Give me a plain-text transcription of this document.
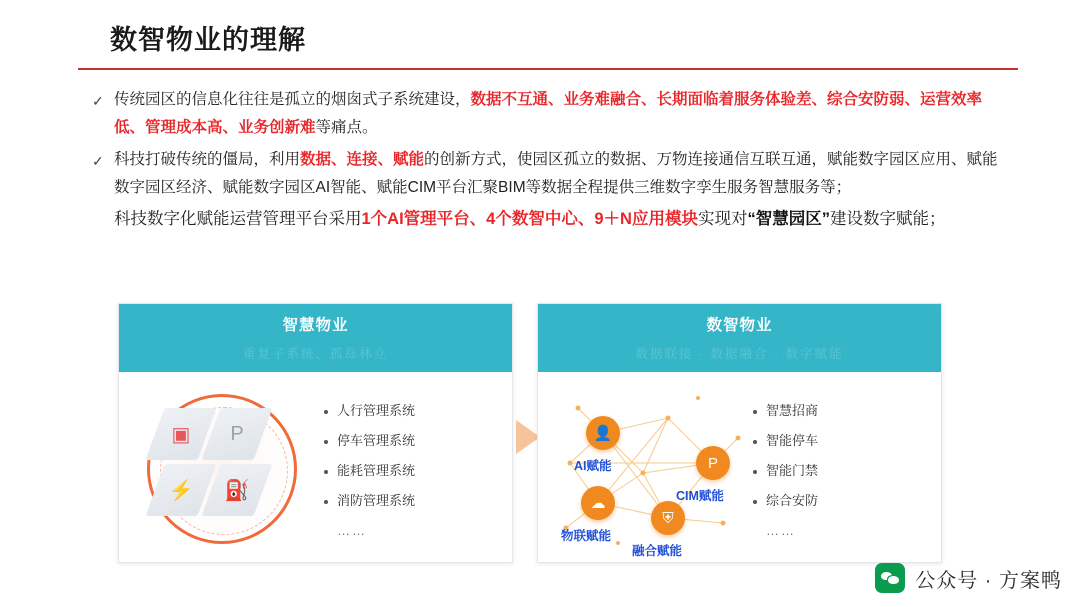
数智物业的理解
✓ 传统园区的信息化往往是孤立的烟囱式子系统建设，数据不互通、业务难融合、长期面临着服务体验差、综合安防弱、运营效率低、管理成本高、业务创新难等痛点。
✓ 科技打破传统的僵局，利用数据、连接、赋能的创新方式，使园区孤立的数据、万物连接通信互联互通，赋能数字园区应用、赋能数字园区经济、赋能数字园区AI智能、赋能CIM平台汇聚BIM等数据全程提供三维数字孪生服务智慧服务等；
科技数字化赋能运营管理平台采用1个AI管理平台、4个数智中心、9＋N应用模块实现对“智慧园区”建设数字赋能；
智慧物业
重复子系统、孤岛林立
▣	Ρ
⚡	⛽
人行管理系统
停车管理系统
能耗管理系统
消防管理系统
……
数智物业
数据联接 · 数据融合 · 数字赋能
👤
AI赋能	Ρ
CIM赋能
☁
物联赋能
⛨
融合赋能
智慧招商
智能停车
智能门禁
综合安防
……
公众号 · 方案鸭
